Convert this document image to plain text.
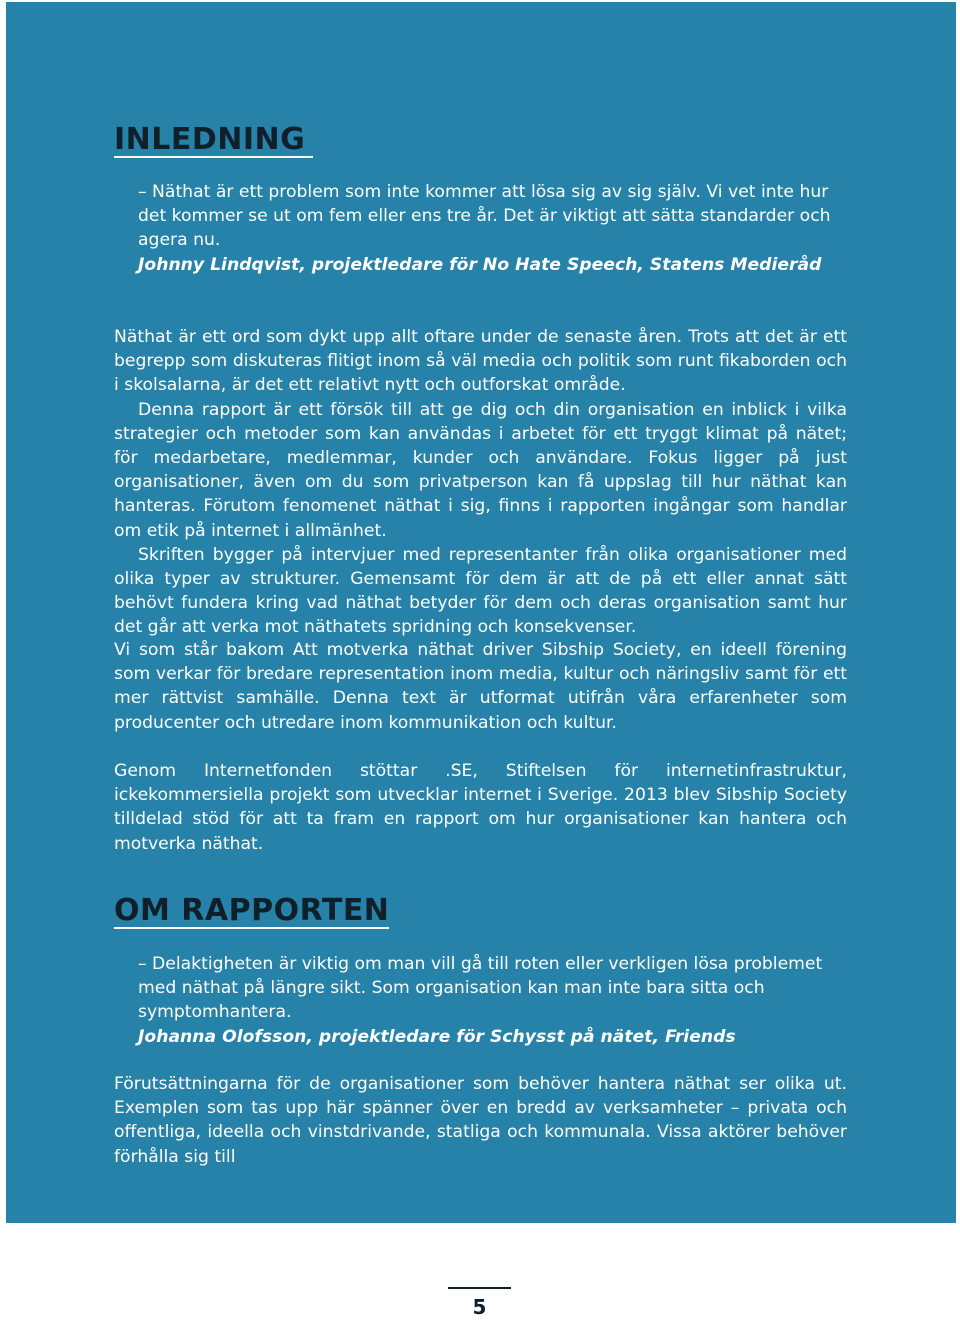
INLEDNING
– Näthat är ett problem som inte kommer att lösa sig av sig själv. Vi vet inte hur det kommer se ut om fem eller ens tre år. Det är viktigt att sätta standarder och agera nu.
Johnny Lindqvist, projektledare för No Hate Speech, Statens Medieråd

Näthat är ett ord som dykt upp allt oftare under de senaste åren. Trots att det är ett begrepp som diskuteras flitigt inom så väl media och politik som runt fikaborden och i skolsalarna, är det ett relativt nytt och outforskat område.
Denna rapport är ett försök till att ge dig och din organisation en inblick i vilka strategier och metoder som kan användas i arbetet för ett tryggt klimat på nätet; för medarbetare, medlemmar, kunder och användare. Fokus ligger på just organisationer, även om du som privatperson kan få uppslag till hur näthat kan hanteras. Förutom fenomenet näthat i sig, finns i rapporten ingångar som handlar om etik på internet i allmänhet.
Skriften bygger på intervjuer med representanter från olika organisationer med olika typer av strukturer. Gemensamt för dem är att de på ett eller annat sätt behövt fundera kring vad näthat betyder för dem och deras organisation samt hur det går att verka mot näthatets spridning och konsekvenser.

Vi som står bakom Att motverka näthat driver Sibship Society, en ideell förening som verkar för bredare representation inom media, kultur och näringsliv samt för ett mer rättvist samhälle. Denna text är utformat utifrån våra erfarenheter som producenter och utredare inom kommunikation och kultur.

Genom Internetfonden stöttar .SE, Stiftelsen för internetinfrastruktur, ickekommersiella projekt som utvecklar internet i Sverige. 2013 blev Sibship Society tilldelad stöd för att ta fram en rapport om hur organisationer kan hantera och motverka näthat.

OM RAPPORTEN
– Delaktigheten är viktig om man vill gå till roten eller verkligen lösa problemet med näthat på längre sikt. Som organisation kan man inte bara sitta och symptomhantera.
Johanna Olofsson, projektledare för Schysst på nätet, Friends

Förutsättningarna för de organisationer som behöver hantera näthat ser olika ut. Exemplen som tas upp här spänner över en bredd av verksamheter – privata och offentliga, ideella och vinstdrivande, statliga och kommunala. Vissa aktörer behöver förhålla sig till

5
